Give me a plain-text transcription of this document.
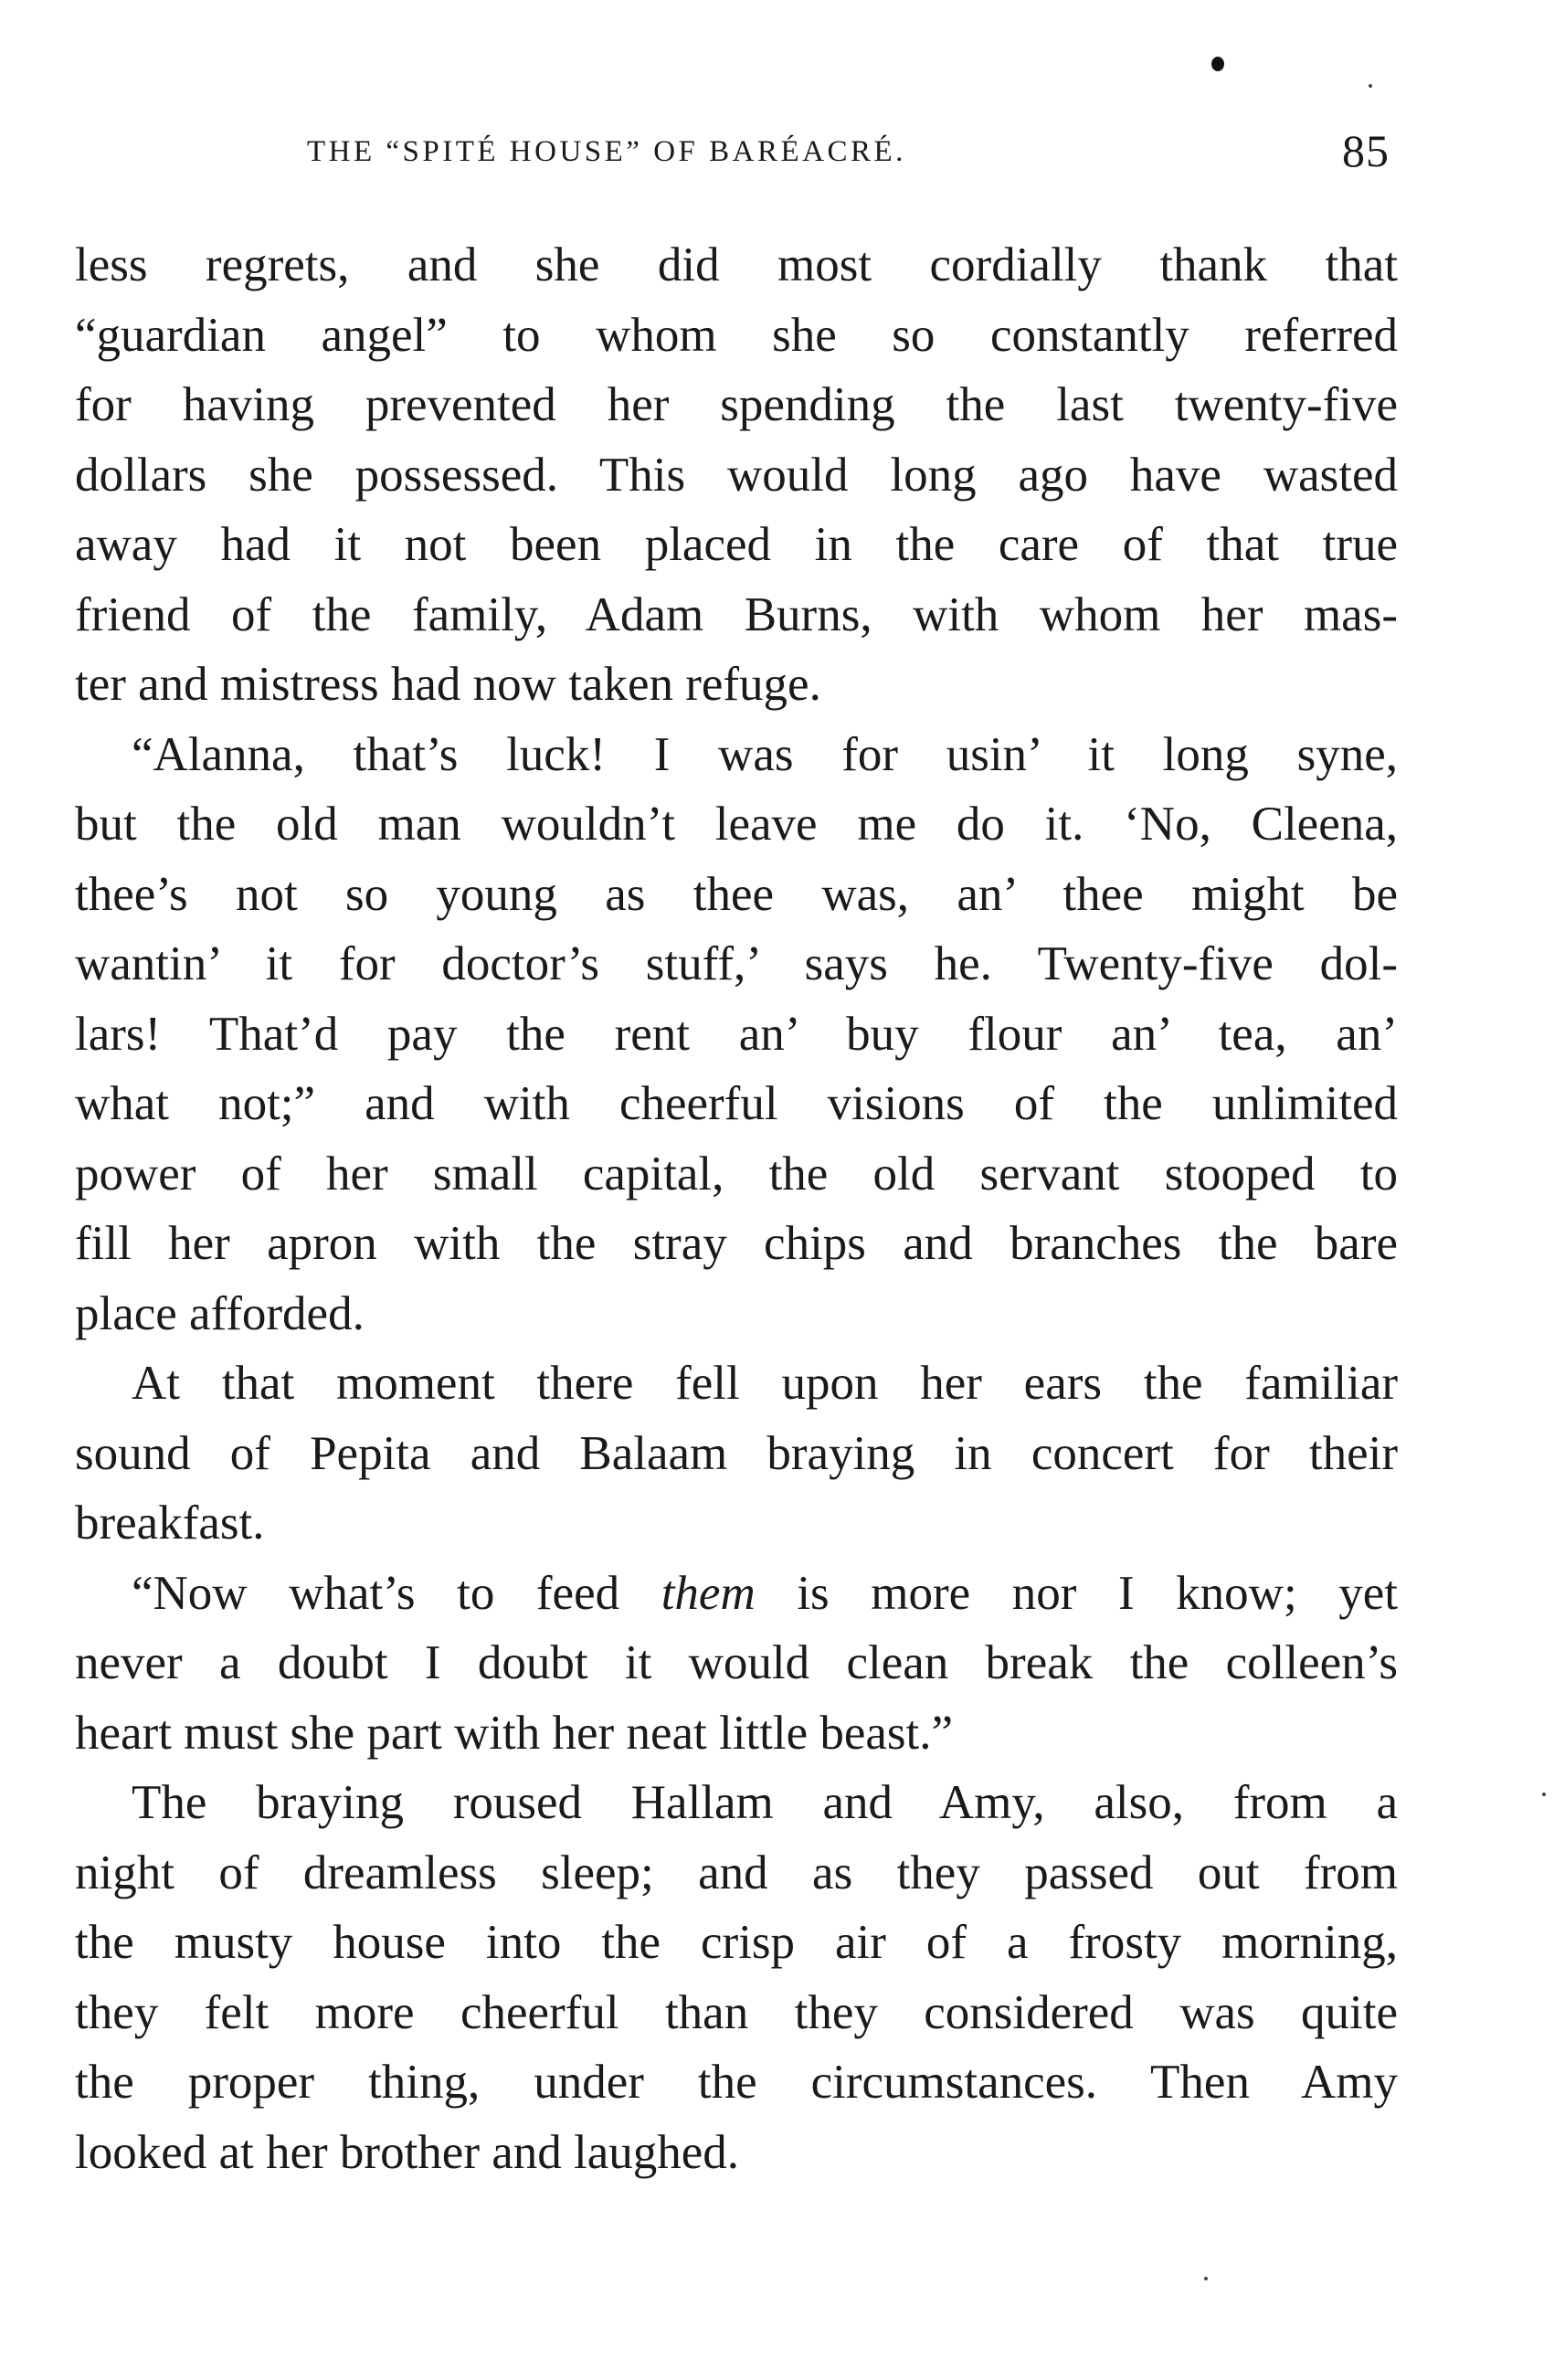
THE “SPITÉ HOUSE” OF BARÉACRÉ.	85
less regrets, and she did most cordially thank that
“guardian angel” to whom she so constantly referred
for having prevented her spending the last twenty-five
dollars she possessed. This would long ago have wasted
away had it not been placed in the care of that true
friend of the family, Adam Burns, with whom her mas-
ter and mistress had now taken refuge.
“Alanna, that’s luck! I was for usin’ it long syne,
but the old man wouldn’t leave me do it. ‘No, Cleena,
thee’s not so young as thee was, an’ thee might be
wantin’ it for doctor’s stuff,’ says he. Twenty-five dol-
lars! That’d pay the rent an’ buy flour an’ tea, an’
what not;” and with cheerful visions of the unlimited
power of her small capital, the old servant stooped to
fill her apron with the stray chips and branches the bare
place afforded.
At that moment there fell upon her ears the familiar
sound of Pepita and Balaam braying in concert for their
breakfast.
“Now what’s to feed them is more nor I know; yet
never a doubt I doubt it would clean break the colleen’s
heart must she part with her neat little beast.”
The braying roused Hallam and Amy, also, from a
night of dreamless sleep; and as they passed out from
the musty house into the crisp air of a frosty morning,
they felt more cheerful than they considered was quite
the proper thing, under the circumstances. Then Amy
looked at her brother and laughed.
